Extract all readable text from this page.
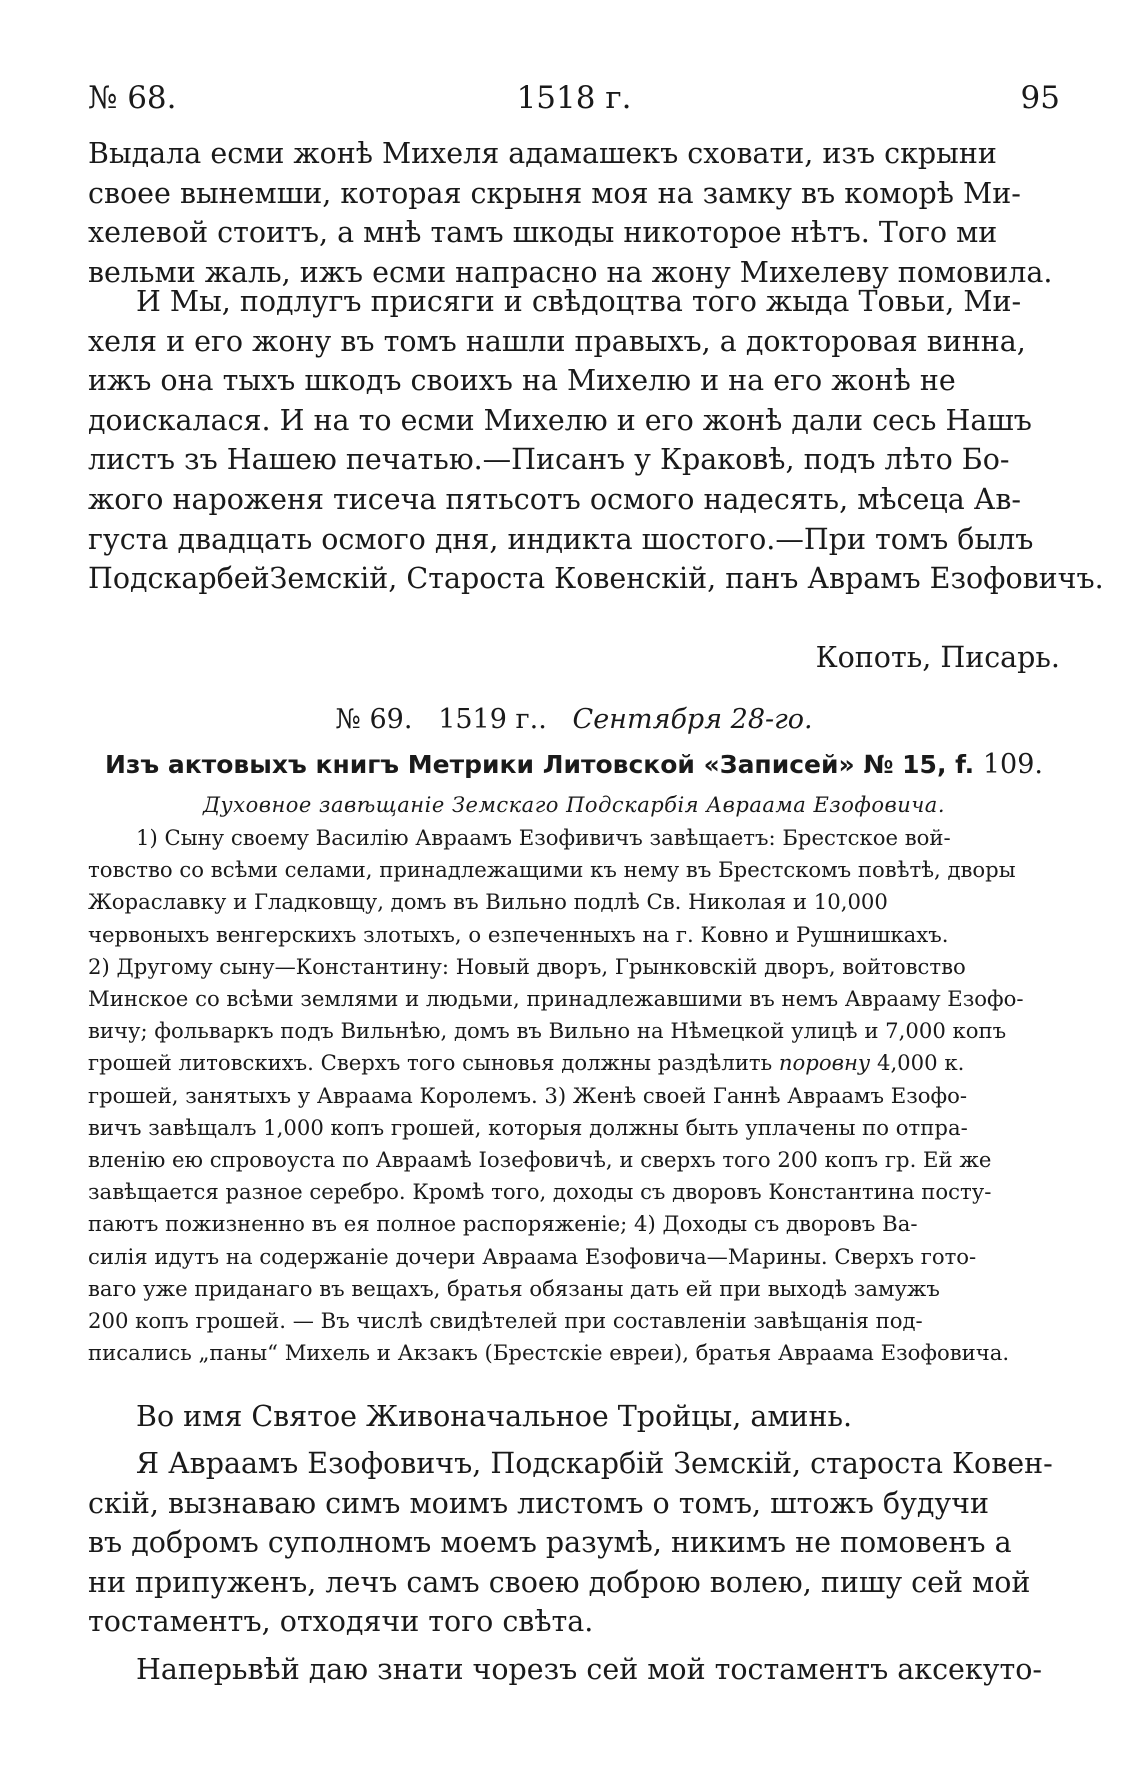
№ 68.	1518 г.	95
Выдала есми жонѣ Михеля адамашекъ сховати, изъ скрыни
своее вынемши, которая скрыня моя на замку въ коморѣ Ми-
хелевой стоитъ, а мнѣ тамъ шкоды никоторое нѣтъ. Того ми
вельми жаль, ижъ есми напрасно на жону Михелеву помовила.
И Мы, подлугъ присяги и свѣдоцтва того жыда Товьи, Ми-
хеля и его жону въ томъ нашли правыхъ, а докторовая винна,
ижъ она тыхъ шкодъ своихъ на Михелю и на его жонѣ не
доискалася. И на то есми Михелю и его жонѣ дали сесь Нашъ
листъ зъ Нашею печатью.—Писанъ у Краковѣ, подъ лѣто Бо-
жого нароженя тисеча пятьсотъ осмого надесять, мѣсеца Ав-
густа двадцать осмого дня, индикта шостого.—При томъ былъ
ПодскарбейЗемскій, Староста Ковенскій, панъ Аврамъ Езофовичъ.
Копоть, Писарь.
№ 69. 1519 г.. Сентября 28-го.
Изъ актовыхъ книгъ Метрики Литовской «Записей» № 15, f. 109.
Духовное завѣщаніе Земскаго Подскарбія Авраама Езофовича.
1) Сыну своему Василію Авраамъ Езофивичъ завѣщаетъ: Брестское вой-
товство со всѣми селами, принадлежащими къ нему въ Брестскомъ повѣтѣ, дворы
Жораславку и Гладковщу, домъ въ Вильно подлѣ Св. Николая и 10,000
червоныхъ венгерскихъ злотыхъ, о езпеченныхъ на г. Ковно и Рушнишкахъ.
2) Другому сыну—Константину: Новый дворъ, Грынковскій дворъ, войтовство
Минское со всѣми землями и людьми, принадлежавшими въ немъ Аврааму Езофо-
вичу; фольваркъ подъ Вильнѣю, домъ въ Вильно на Нѣмецкой улицѣ и 7,000 копъ
грошей литовскихъ. Сверхъ того сыновья должны раздѣлить поровну 4,000 к.
грошей, занятыхъ у Авраама Королемъ. 3) Женѣ своей Ганнѣ Авраамъ Езофо-
вичъ завѣщалъ 1,000 копъ грошей, которыя должны быть уплачены по отпра-
вленію ею спровоуста по Авраамѣ Іозефовичѣ, и сверхъ того 200 копъ гр. Ей же
завѣщается разное серебро. Кромѣ того, доходы съ дворовъ Константина посту-
паютъ пожизненно въ ея полное распоряженіе; 4) Доходы съ дворовъ Ва-
силія идутъ на содержаніе дочери Авраама Езофовича—Марины. Сверхъ гото-
ваго уже приданаго въ вещахъ, братья обязаны дать ей при выходѣ замужъ
200 копъ грошей. — Въ числѣ свидѣтелей при составленіи завѣщанія под-
писались „паны“ Михель и Акзакъ (Брестскіе евреи), братья Авраама Езофовича.
Во имя Святое Живоначальное Тройцы, аминь.
Я Авраамъ Езофовичъ, Подскарбій Земскій, староста Ковен-
скій, вызнаваю симъ моимъ листомъ о томъ, штожъ будучи
въ добромъ суполномъ моемъ разумѣ, никимъ не помовенъ а
ни припуженъ, лечъ самъ своею доброю волею, пишу сей мой
тостаментъ, отходячи того свѣта.
Наперьвѣй даю знати чорезъ сей мой тостаментъ аксекуто-
